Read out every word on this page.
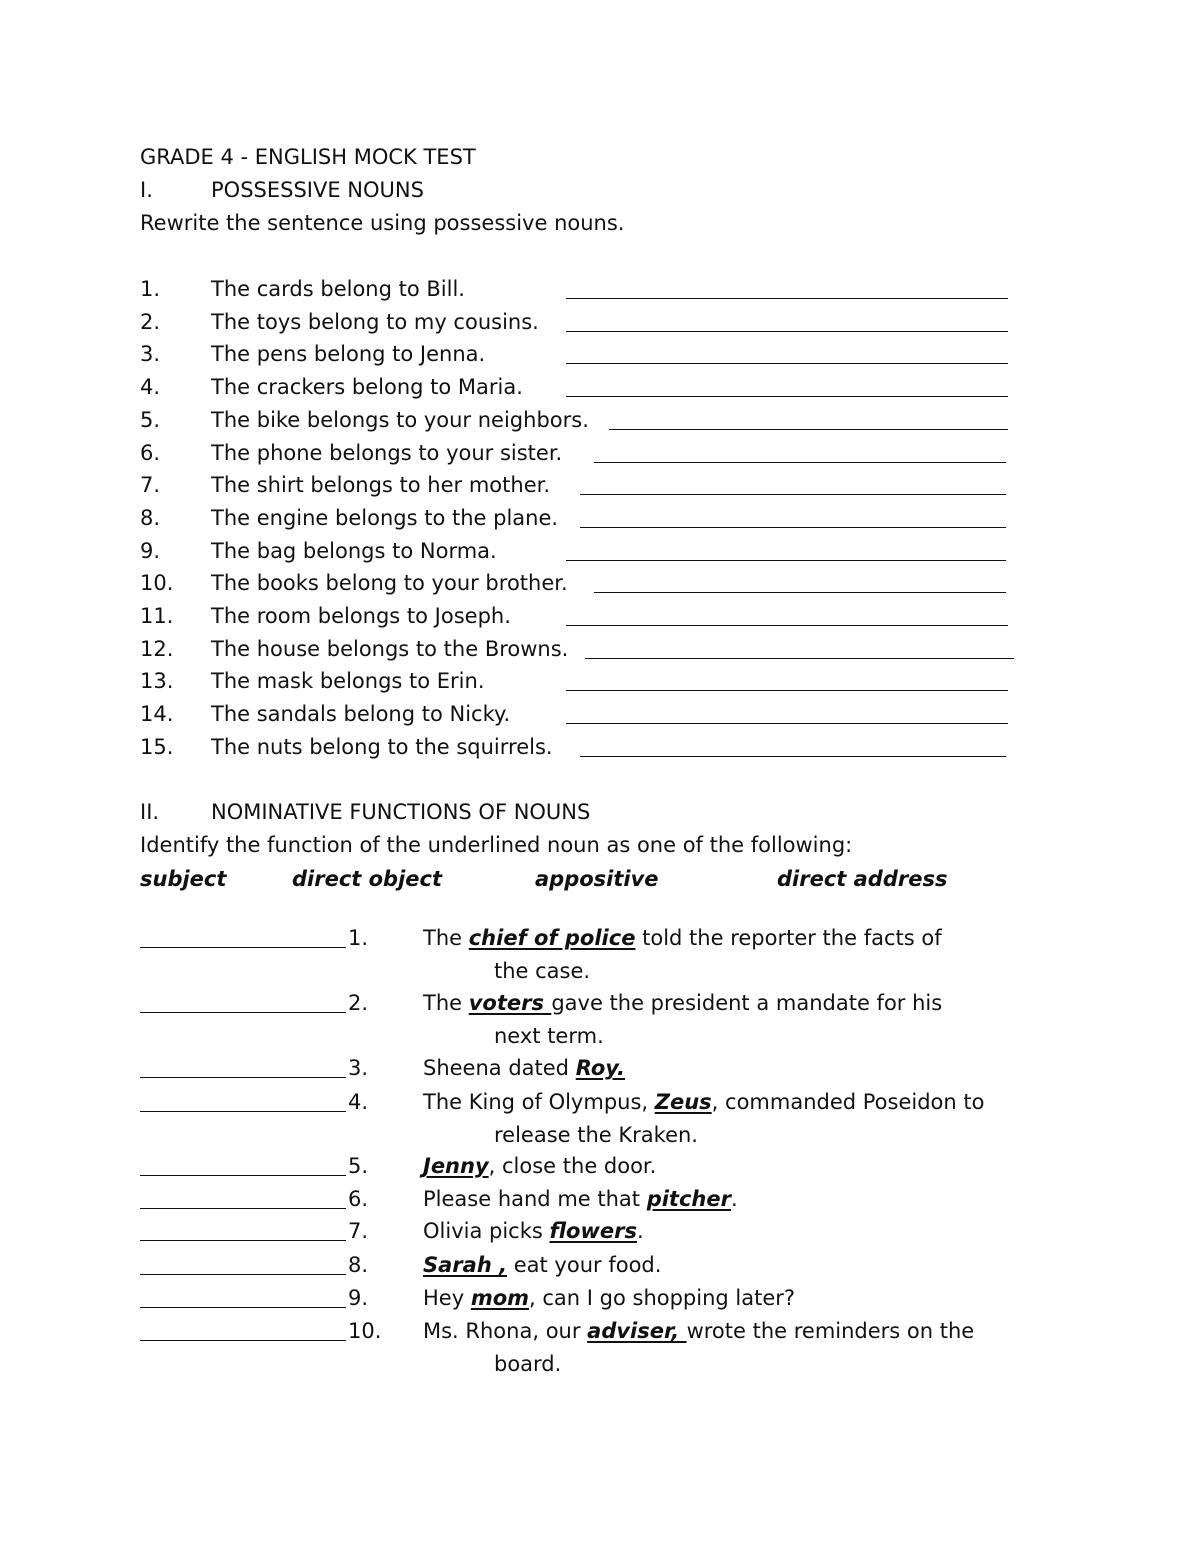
GRADE 4 - ENGLISH MOCK TEST
I.	POSSESSIVE NOUNS
Rewrite the sentence using possessive nouns.
1. The cards belong to Bill.
2. The toys belong to my cousins.
3. The pens belong to Jenna.
4. The crackers belong to Maria.
5. The bike belongs to your neighbors.
6. The phone belongs to your sister.
7. The shirt belongs to her mother.
8. The engine belongs to the plane.
9. The bag belongs to Norma.
10. The books belong to your brother.
11. The room belongs to Joseph.
12. The house belongs to the Browns.
13. The mask belongs to Erin.
14. The sandals belong to Nicky.
15. The nuts belong to the squirrels.
II. NOMINATIVE FUNCTIONS OF NOUNS
Identify the function of the underlined noun as one of the following:
subject	direct object	appositive	direct address
1.	The chief of police told the reporter the facts of
the case.
2.	The voters gave the president a mandate for his
next term.
3.	Sheena dated Roy.
4.	The King of Olympus, Zeus, commanded Poseidon to
release the Kraken.
5.	Jenny, close the door.
6.	Please hand me that pitcher.
7.	Olivia picks flowers.
8.	Sarah , eat your food.
9.	Hey mom, can I go shopping later?
10. Ms. Rhona, our adviser, wrote the reminders on the
board.
